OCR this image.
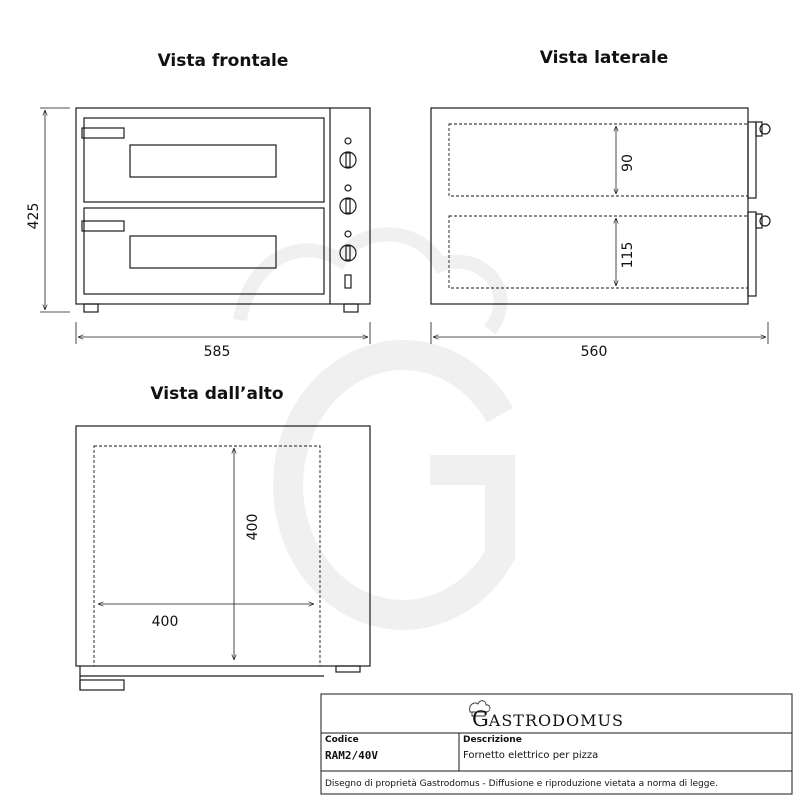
Vista frontale
585
425
Vista laterale
560
90
115
Vista dall’alto
400
400
GASTRODOMUS
Codice
RAM2/40V
Descrizione
Fornetto elettrico per pizza
Disegno di proprietà Gastrodomus - Diffusione e riproduzione vietata a norma di legge.
